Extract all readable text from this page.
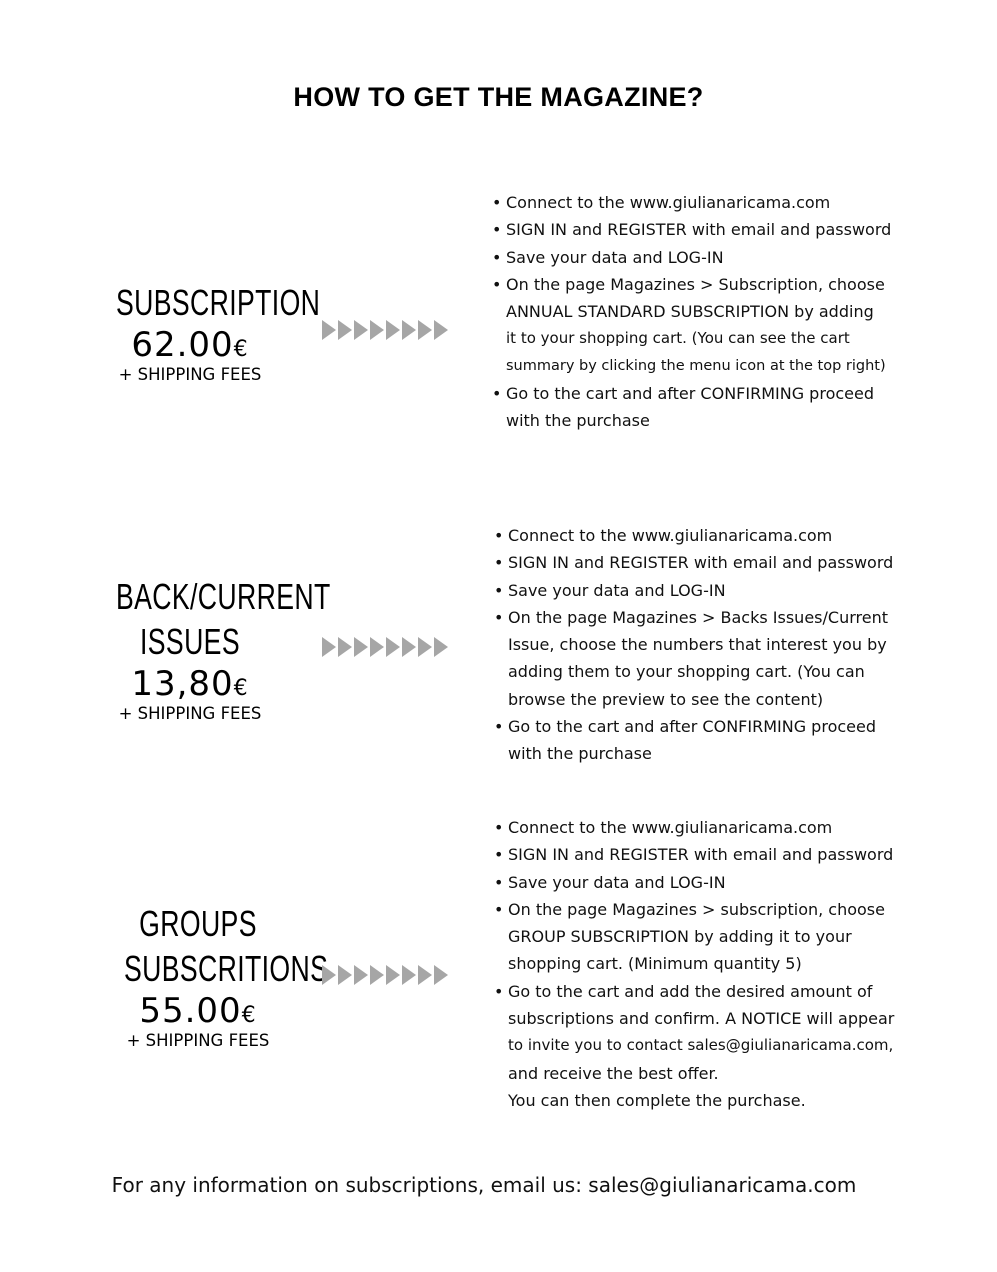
HOW TO GET THE MAGAZINE?
SUBSCRIPTION
62.00€
+ SHIPPING FEES
• Connect to the www.giulianaricama.com
• SIGN IN and REGISTER with email and password
• Save your data and LOG-IN
• On the page Magazines > Subscription, choose
ANNUAL STANDARD SUBSCRIPTION by adding
it to your shopping cart. (You can see the cart
summary by clicking the menu icon at the top right)
• Go to the cart and after CONFIRMING proceed
with the purchase
BACK/CURRENT
ISSUES
13,80€
+ SHIPPING FEES
• Connect to the www.giulianaricama.com
• SIGN IN and REGISTER with email and password
• Save your data and LOG-IN
• On the page Magazines > Backs Issues/Current
Issue, choose the numbers that interest you by
adding them to your shopping cart. (You can
browse the preview to see the content)
• Go to the cart and after CONFIRMING proceed
with the purchase
GROUPS
SUBSCRITIONS
55.00€
+ SHIPPING FEES
• Connect to the www.giulianaricama.com
• SIGN IN and REGISTER with email and password
• Save your data and LOG-IN
• On the page Magazines > subscription, choose
GROUP SUBSCRIPTION by adding it to your
shopping cart. (Minimum quantity 5)
• Go to the cart and add the desired amount of
subscriptions and confirm. A NOTICE will appear
to invite you to contact sales@giulianaricama.com,
and receive the best offer.
You can then complete the purchase.
For any information on subscriptions, email us: sales@giulianaricama.com
